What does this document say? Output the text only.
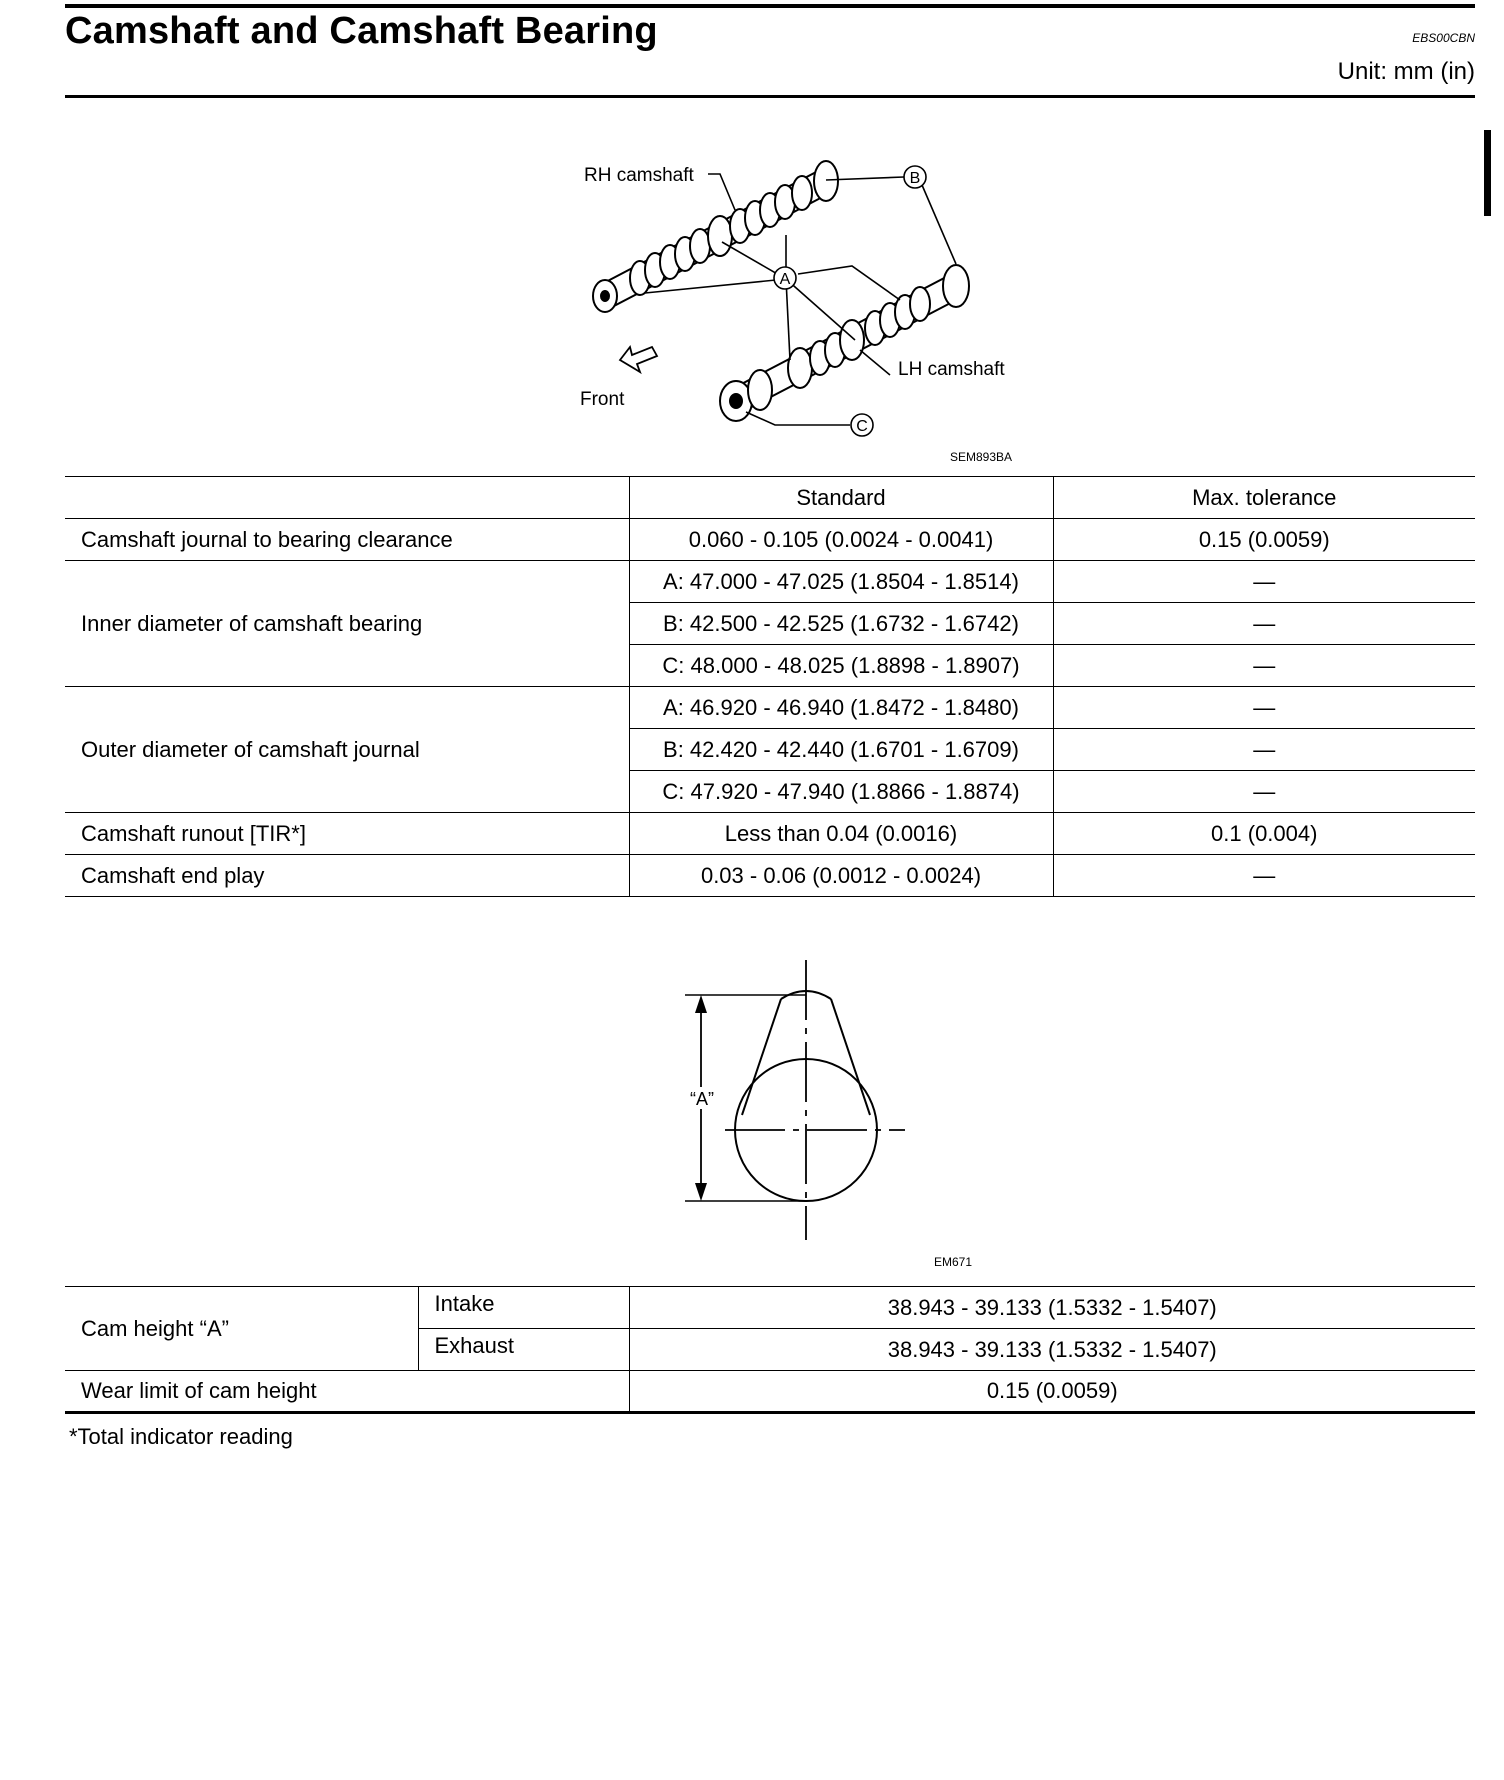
Camshaft and Camshaft Bearing	EBS00CBN
Unit: mm (in)
A
B
C
RH camshaft
LH camshaft
Front
SEM893BA
	Standard	Max. tolerance
Camshaft journal to bearing clearance	0.060 - 0.105 (0.0024 - 0.0041)	0.15 (0.0059)
Inner diameter of camshaft bearing	A: 47.000 - 47.025 (1.8504 - 1.8514)	—
	B: 42.500 - 42.525 (1.6732 - 1.6742)	—
	C: 48.000 - 48.025 (1.8898 - 1.8907)	—
Outer diameter of camshaft journal	A: 46.920 - 46.940 (1.8472 - 1.8480)	—
	B: 42.420 - 42.440 (1.6701 - 1.6709)	—
	C: 47.920 - 47.940 (1.8866 - 1.8874)	—
Camshaft runout [TIR*]	Less than 0.04 (0.0016)	0.1 (0.004)
Camshaft end play	0.03 - 0.06 (0.0012 - 0.0024)	—
“A”
EM671
Cam height “A”	Intake	38.943 - 39.133 (1.5332 - 1.5407)
	Exhaust	38.943 - 39.133 (1.5332 - 1.5407)
Wear limit of cam height		0.15 (0.0059)
*Total indicator reading
